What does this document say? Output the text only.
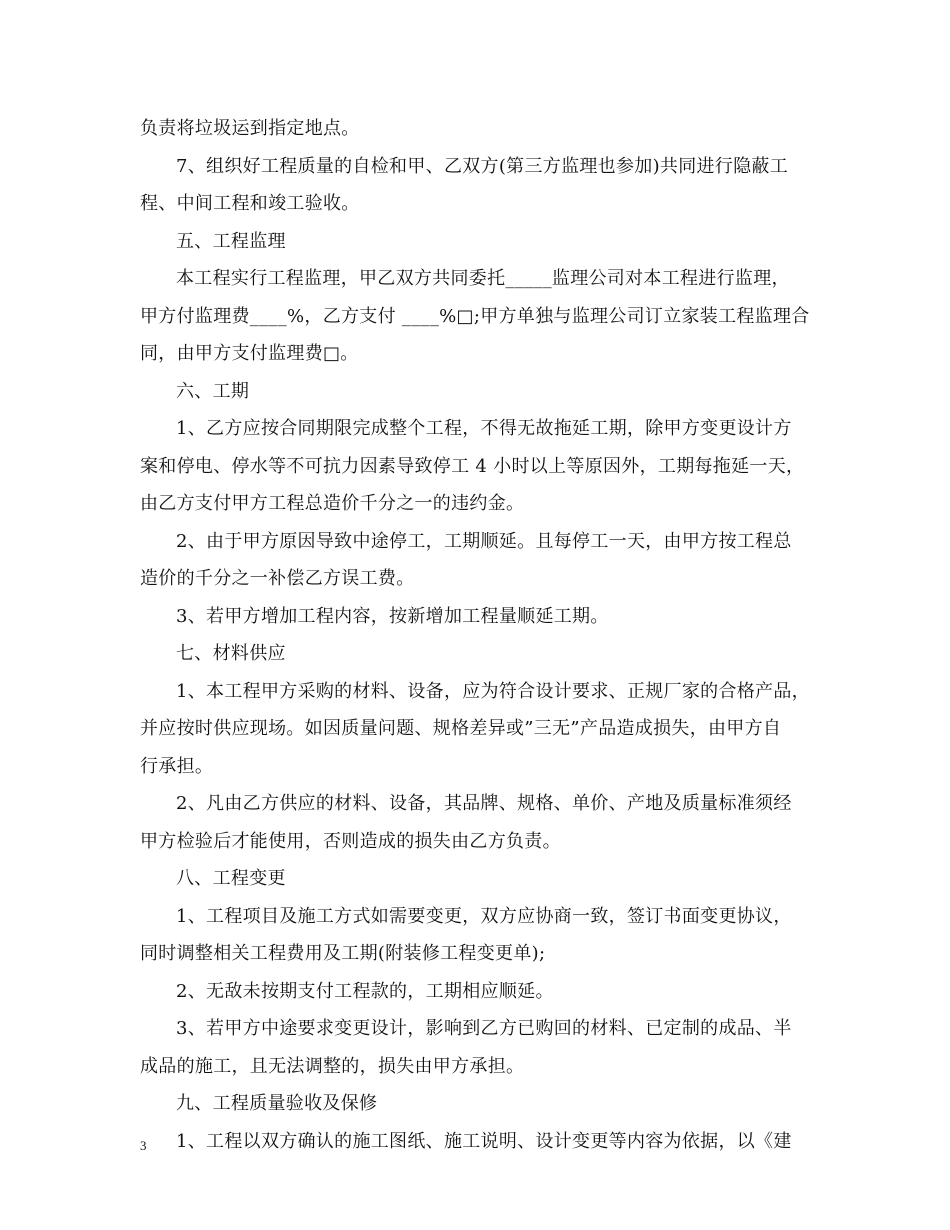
负责将垃圾运到指定地点。
7、组织好工程质量的自检和甲、乙双方(第三方监理也参加)共同进行隐蔽工
程、中间工程和竣工验收。
五、工程监理
本工程实行工程监理，甲乙双方共同委托_____监理公司对本工程进行监理，
甲方付监理费____%，乙方支付 ____%□;甲方单独与监理公司订立家装工程监理合
同，由甲方支付监理费□。
六、工期
1、乙方应按合同期限完成整个工程，不得无故拖延工期，除甲方变更设计方
案和停电、停水等不可抗力因素导致停工 4 小时以上等原因外，工期每拖延一天，
由乙方支付甲方工程总造价千分之一的违约金。
2、由于甲方原因导致中途停工，工期顺延。且每停工一天，由甲方按工程总
造价的千分之一补偿乙方误工费。
3、若甲方增加工程内容，按新增加工程量顺延工期。
七、材料供应
1、本工程甲方采购的材料、设备，应为符合设计要求、正规厂家的合格产品，
并应按时供应现场。如因质量问题、规格差异或”三无”产品造成损失，由甲方自
行承担。
2、凡由乙方供应的材料、设备，其品牌、规格、单价、产地及质量标准须经
甲方检验后才能使用，否则造成的损失由乙方负责。
八、工程变更
1、工程项目及施工方式如需要变更，双方应协商一致，签订书面变更协议，
同时调整相关工程费用及工期(附装修工程变更单);
2、无敌未按期支付工程款的，工期相应顺延。
3、若甲方中途要求变更设计，影响到乙方已购回的材料、已定制的成品、半
成品的施工，且无法调整的，损失由甲方承担。
九、工程质量验收及保修
1、工程以双方确认的施工图纸、施工说明、设计变更等内容为依据，以《建
3
